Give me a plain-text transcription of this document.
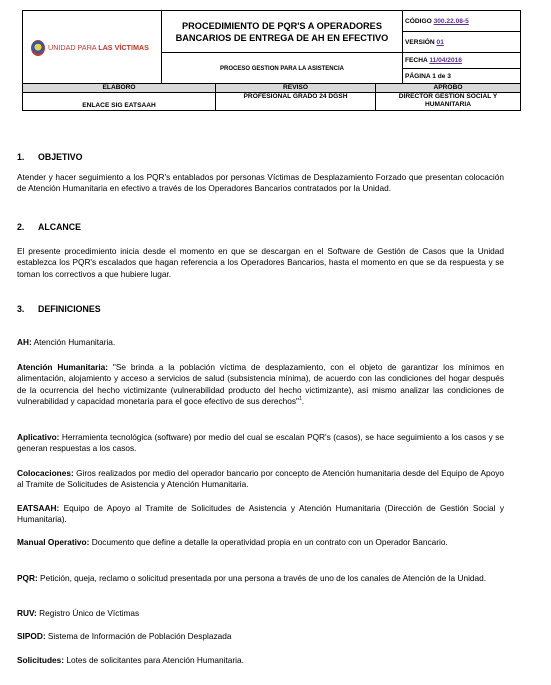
UNIDAD PARA LAS VÍCTIMAS	PROCEDIMIENTO DE PQR'S A OPERADORES
BANCARIOS DE ENTREGA DE AH EN EFECTIVO	CÓDIGO 300.22.08-5
		VERSIÓN 01
	PROCESO GESTION PARA LA ASISTENCIA	FECHA 11/04/2016
		PÁGINA 1 de 3
ELABORÓ	REVISÓ	APROBO
ENLACE SIG EATSAAH	PROFESIONAL GRADO 24 DGSH	DIRECTOR GESTION SOCIAL Y HUMANITARIA
1. OBJETIVO
Atender y hacer seguimiento a los PQR's entablados por personas Víctimas de Desplazamiento Forzado que presentan colocación de Atención Humanitaria en efectivo a través de los Operadores Bancarios contratados por la Unidad.
2. ALCANCE
El presente procedimiento inicia desde el momento en que se descargan en el Software de Gestión de Casos que la Unidad establezca los PQR's escalados que hagan referencia a los Operadores Bancarios, hasta el momento en que se da respuesta y se toman los correctivos a que hubiere lugar.
3. DEFINICIONES
AH: Atención Humanitaria.
Atención Humanitaria: "Se brinda a la población víctima de desplazamiento, con el objeto de garantizar los mínimos en alimentación, alojamiento y acceso a servicios de salud (subsistencia mínima), de acuerdo con las condiciones del hogar después de la ocurrencia del hecho victimizante (vulnerabilidad producto del hecho victimizante), así mismo analizar las condiciones de vulnerabilidad y capacidad monetaria para el goce efectivo de sus derechos"$^1$.
Aplicativo: Herramienta tecnológica (software) por medio del cual se escalan PQR's (casos), se hace seguimiento a los casos y se generan respuestas a los casos.
Colocaciones: Giros realizados por medio del operador bancario por concepto de Atención humanitaria desde del Equipo de Apoyo al Tramite de Solicitudes de Asistencia y Atención Humanitaria.
EATSAAH: Equipo de Apoyo al Tramite de Solicitudes de Asistencia y Atención Humanitaria (Dirección de Gestión Social y Humanitaria).
Manual Operativo: Documento que define a detalle la operatividad propia en un contrato con un Operador Bancario.
PQR: Petición, queja, reclamo o solicitud presentada por una persona a través de uno de los canales de Atención de la Unidad.
RUV: Registro Único de Víctimas
SIPOD: Sistema de Información de Población Desplazada
Solicitudes: Lotes de solicitantes para Atención Humanitaria.
